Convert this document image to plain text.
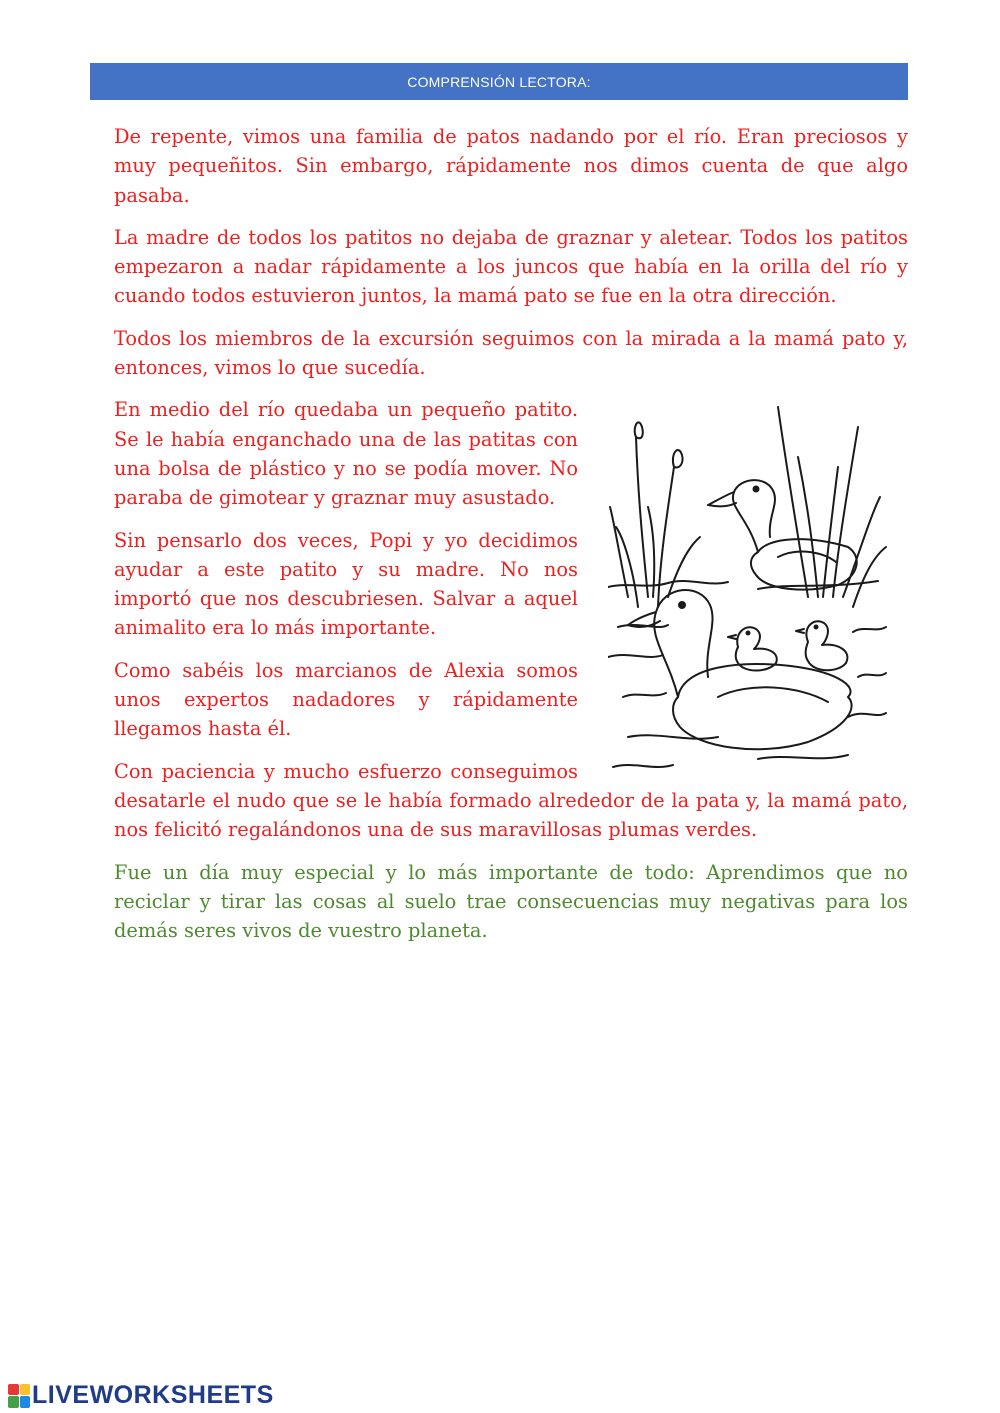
COMPRENSIÓN LECTORA:

De repente, vimos una familia de patos nadando por el río. Eran preciosos y muy pequeñitos. Sin embargo, rápidamente nos dimos cuenta de que algo pasaba.

La madre de todos los patitos no dejaba de graznar y aletear. Todos los patitos empezaron a nadar rápidamente a los juncos que había en la orilla del río y cuando todos estuvieron juntos, la mamá pato se fue en la otra dirección.

Todos los miembros de la excursión seguimos con la mirada a la mamá pato y, entonces, vimos lo que sucedía.

En medio del río quedaba un pequeño patito. Se le había enganchado una de las patitas con una bolsa de plástico y no se podía mover. No paraba de gimotear y graznar muy asustado.

Sin pensarlo dos veces, Popi y yo decidimos ayudar a este patito y su madre. No nos importó que nos descubriesen. Salvar a aquel animalito era lo más importante.

Como sabéis los marcianos de Alexia somos unos expertos nadadores y rápidamente llegamos hasta él.

Con paciencia y mucho esfuerzo conseguimos desatarle el nudo que se le había formado alrededor de la pata y, la mamá pato, nos felicitó regalándonos una de sus maravillosas plumas verdes.

Fue un día muy especial y lo más importante de todo: Aprendimos que no reciclar y tirar las cosas al suelo trae consecuencias muy negativas para los demás seres vivos de vuestro planeta.

LIVEWORKSHEETS
